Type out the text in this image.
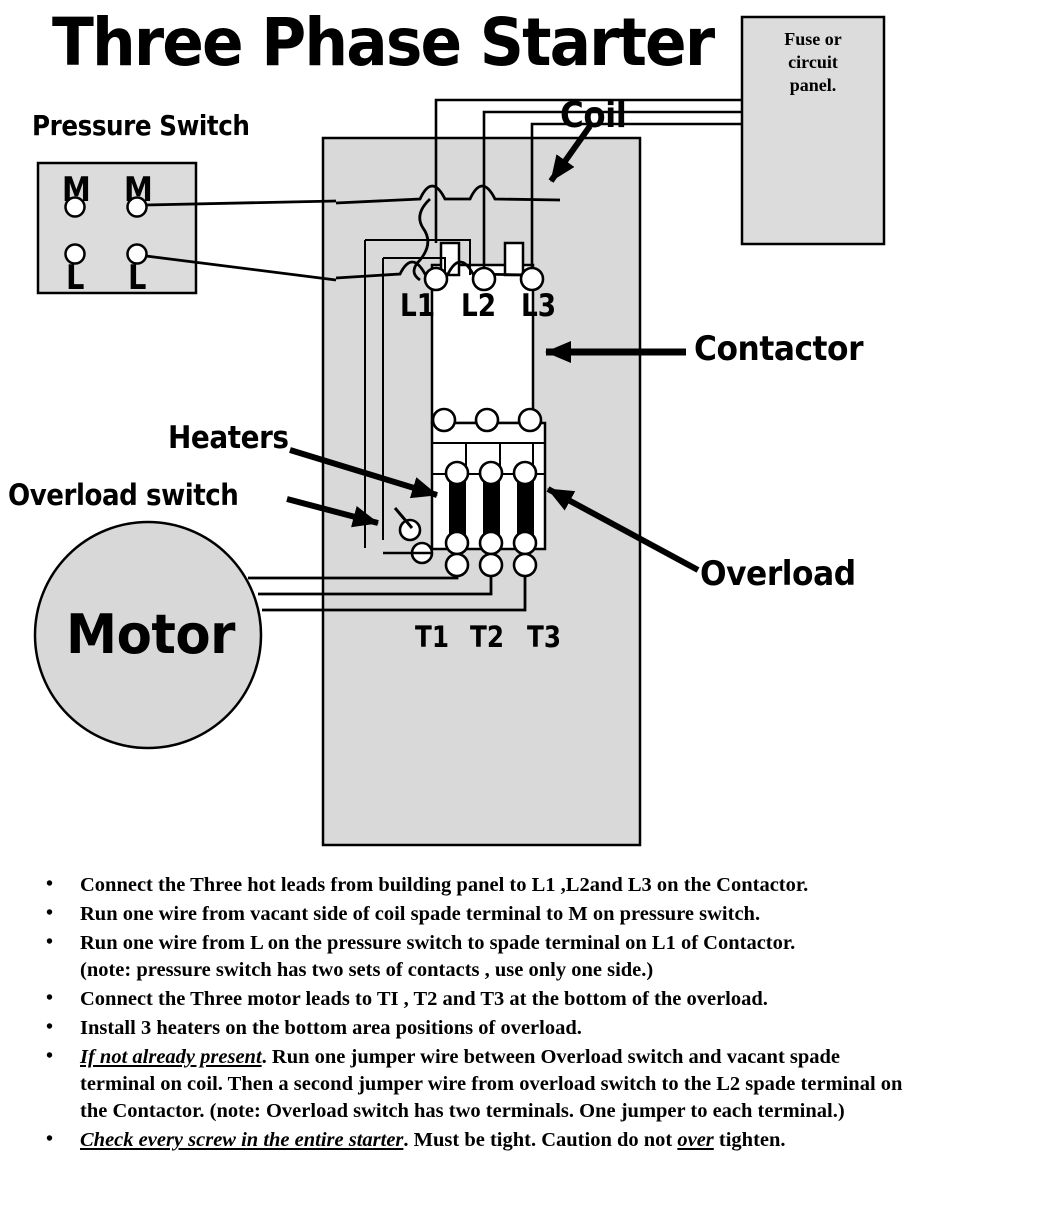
Three Phase Starter
Pressure Switch	Coil
Contactor
Heaters
Overload switch
Overload
Motor
M M
L L
L1 L2 L3
T1 T2 T3
Fuse or
circuit
panel.
• Connect the Three hot leads from building panel to L1 ,L2and L3 on the Contactor.
• Run one wire from vacant side of coil spade terminal to M on pressure switch.
• Run one wire from L on the pressure switch to spade terminal on L1 of Contactor.
(note: pressure switch has two sets of contacts , use only one side.)
• Connect the Three motor leads to TI , T2 and T3 at the bottom of the overload.
• Install 3 heaters on the bottom area positions of overload.
• If not already present. Run one jumper wire between Overload switch and vacant spade
terminal on coil. Then a second jumper wire from overload switch to the L2 spade terminal on
the Contactor. (note: Overload switch has two terminals. One jumper to each terminal.)
• Check every screw in the entire starter. Must be tight. Caution do not over tighten.
